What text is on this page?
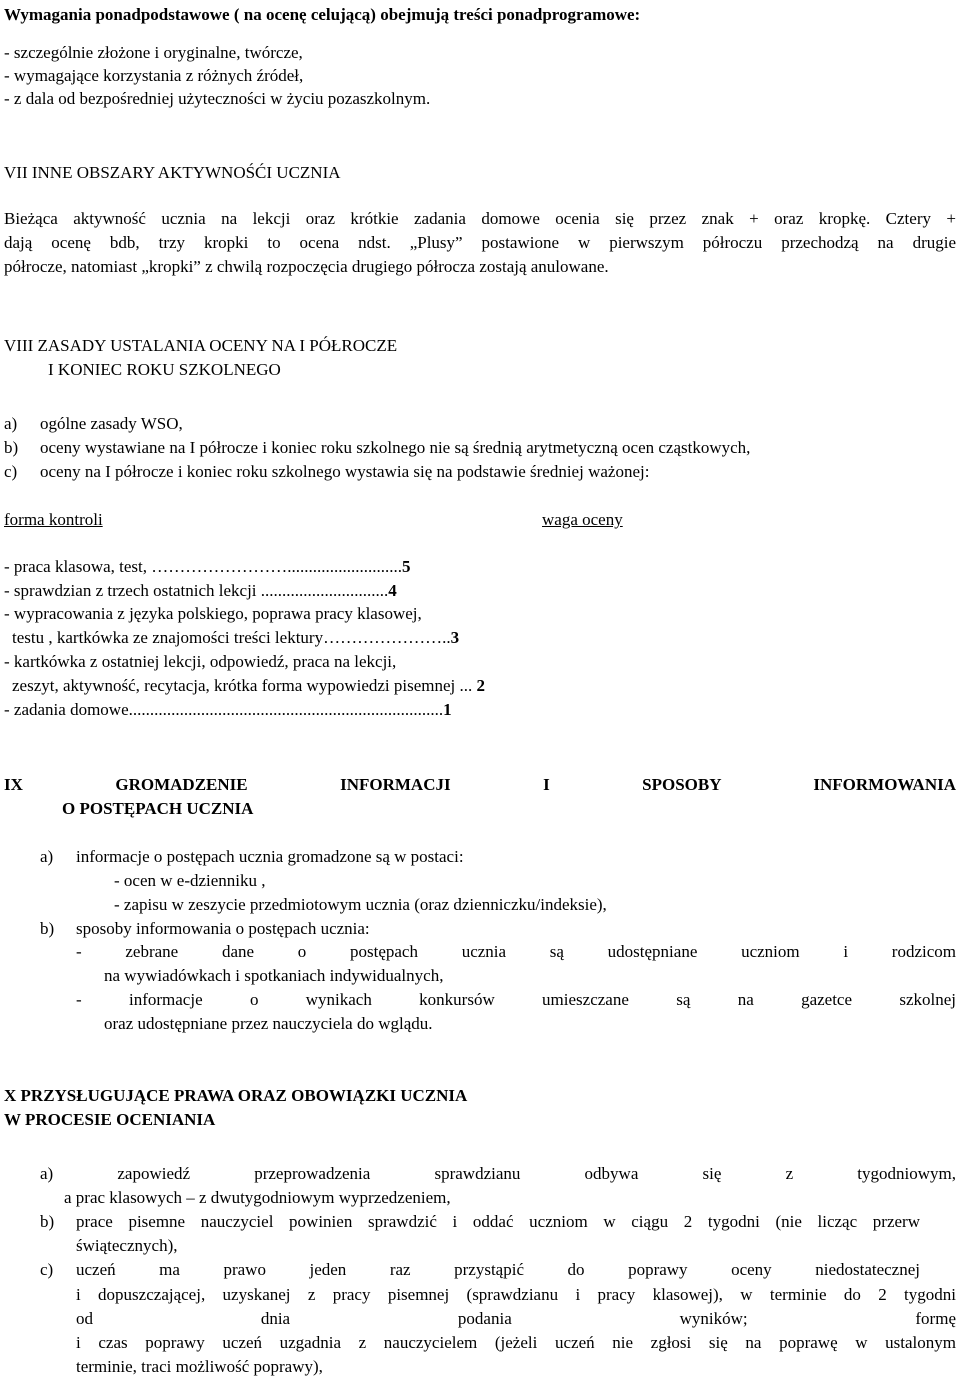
Wymagania ponadpodstawowe ( na ocenę celującą) obejmują treści ponadprogramowe:
- szczególnie złożone i oryginalne, twórcze,
- wymagające korzystania z różnych źródeł,
- z dala od bezpośredniej użyteczności w życiu pozaszkolnym.
VII INNE OBSZARY AKTYWNOŚĆI UCZNIA
Bieżąca aktywność ucznia na lekcji oraz krótkie zadania domowe ocenia się przez znak + oraz kropkę. Cztery +
dają ocenę bdb, trzy kropki to ocena ndst. „Plusy” postawione w pierwszym półroczu przechodzą na drugie
półrocze, natomiast „kropki” z chwilą rozpoczęcia drugiego półrocza zostają anulowane.
VIII ZASADY USTALANIA OCENY NA I PÓŁROCZE
I KONIEC ROKU SZKOLNEGO
a) ogólne zasady WSO,
b) oceny wystawiane na I półrocze i koniec roku szkolnego nie są średnią arytmetyczną ocen cząstkowych,
c) oceny na I półrocze i koniec roku szkolnego wystawia się na podstawie średniej ważonej:
forma kontroli	waga oceny
- praca klasowa, test, ……………………...........................5
- sprawdzian z trzech ostatnich lekcji ..............................4
- wypracowania z języka polskiego, poprawa pracy klasowej,
testu , kartkówka ze znajomości treści lektury…………………..3
- kartkówka z ostatniej lekcji, odpowiedź, praca na lekcji,
zeszyt, aktywność, recytacja, krótka forma wypowiedzi pisemnej ... 2
- zadania domowe..........................................................................1
IX GROMADZENIE INFORMACJI I SPOSOBY INFORMOWANIA
O POSTĘPACH UCZNIA
a) informacje o postępach ucznia gromadzone są w postaci:
- ocen w e-dzienniku ,
- zapisu w zeszycie przedmiotowym ucznia (oraz dzienniczku/indeksie),
b) sposoby informowania o postępach ucznia:
- zebrane dane o postępach ucznia są udostępniane uczniom i rodzicom
na wywiadówkach i spotkaniach indywidualnych,
- informacje o wynikach konkursów umieszczane są na gazetce szkolnej
oraz udostępniane przez nauczyciela do wglądu.
X PRZYSŁUGUJĄCE PRAWA ORAZ OBOWIĄZKI UCZNIA
W PROCESIE OCENIANIA
a) zapowiedź przeprowadzenia sprawdzianu odbywa się z tygodniowym,
a prac klasowych – z dwutygodniowym wyprzedzeniem,
b) prace pisemne nauczyciel powinien sprawdzić i oddać uczniom w ciągu 2 tygodni (nie licząc przerw
świątecznych),
c) uczeń ma prawo jeden raz przystąpić do poprawy oceny niedostatecznej
i dopuszczającej, uzyskanej z pracy pisemnej (sprawdzianu i pracy klasowej), w terminie do 2 tygodni
od dnia podania wyników; formę
i czas poprawy uczeń uzgadnia z nauczycielem (jeżeli uczeń nie zgłosi się na poprawę w ustalonym
terminie, traci możliwość poprawy),
